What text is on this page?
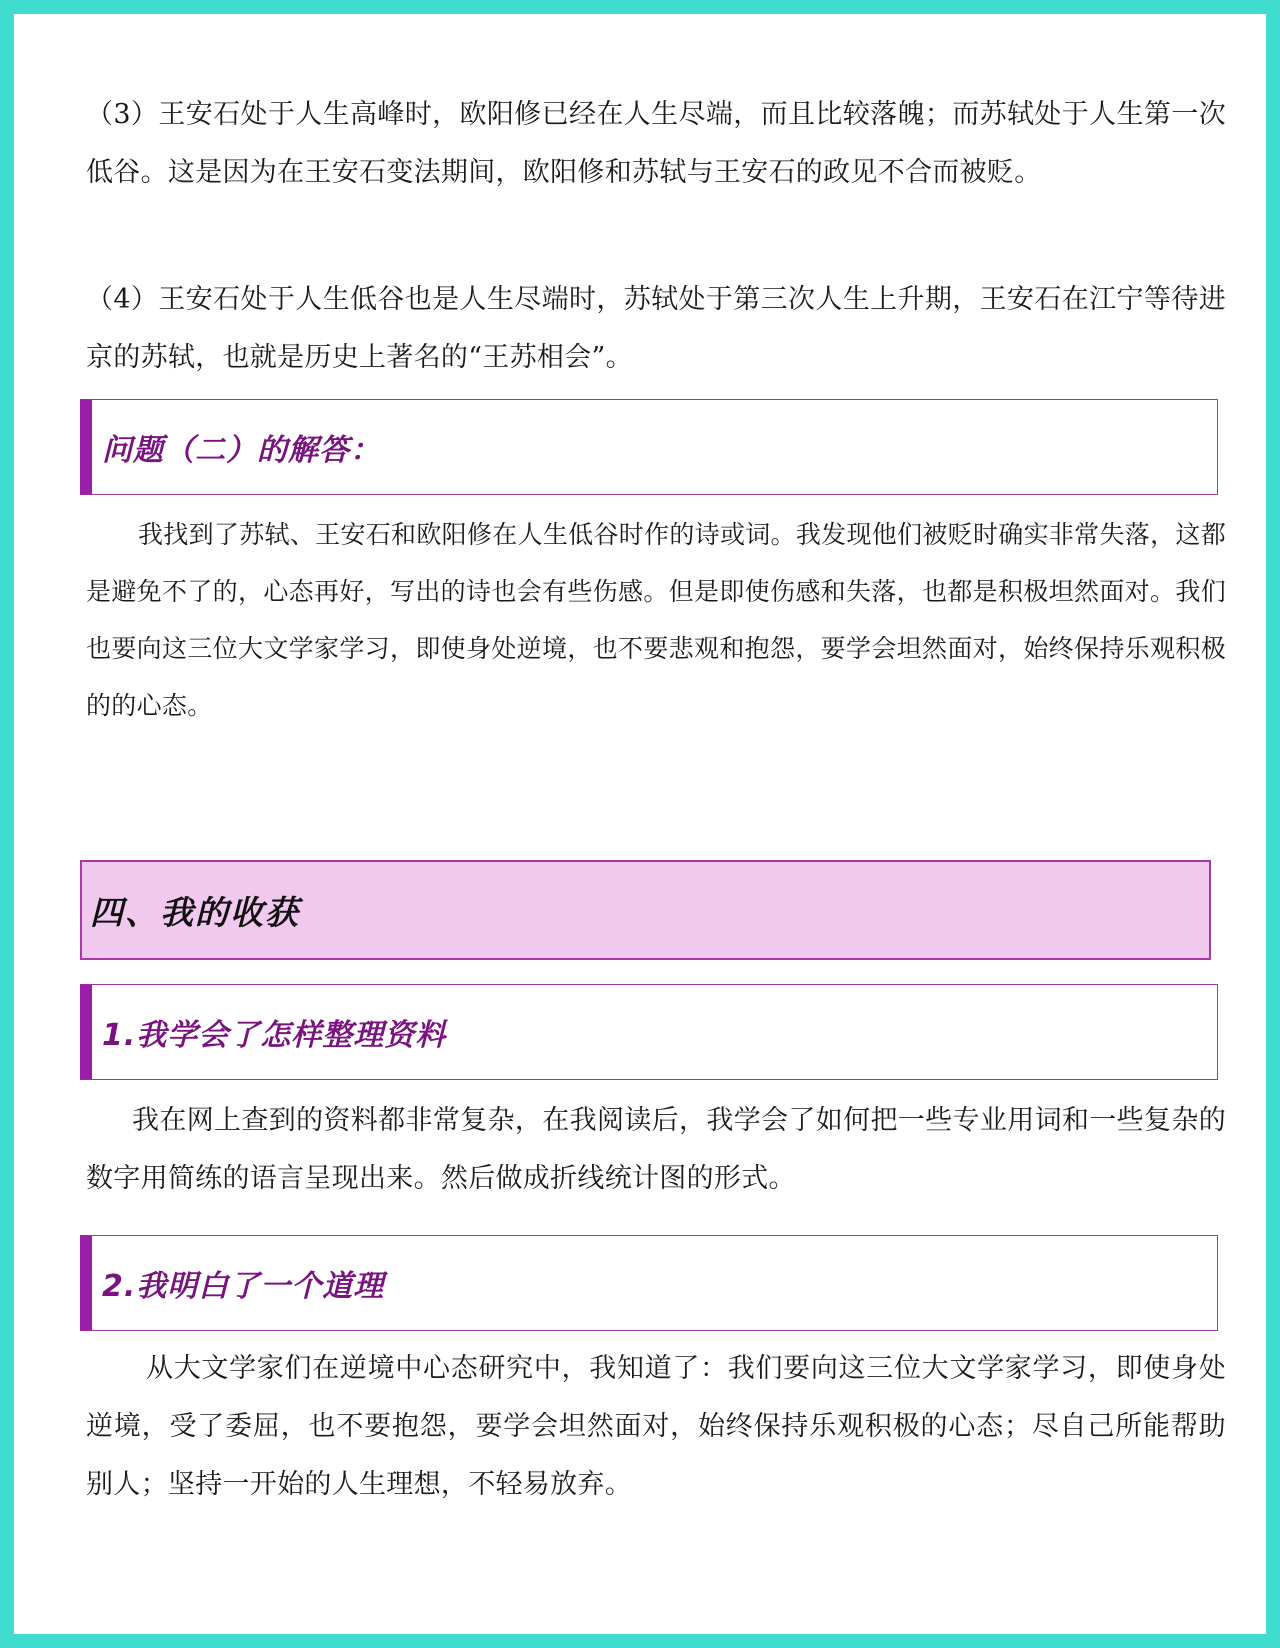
（3）王安石处于人生高峰时，欧阳修已经在人生尽端，而且比较落魄；而苏轼处于人生第一次低谷。这是因为在王安石变法期间，欧阳修和苏轼与王安石的政见不合而被贬。

（4）王安石处于人生低谷也是人生尽端时，苏轼处于第三次人生上升期，王安石在江宁等待进京的苏轼，也就是历史上著名的“王苏相会”。

问题（二）的解答：

我找到了苏轼、王安石和欧阳修在人生低谷时作的诗或词。我发现他们被贬时确实非常失落，这都是避免不了的，心态再好，写出的诗也会有些伤感。但是即使伤感和失落，也都是积极坦然面对。我们也要向这三位大文学家学习，即使身处逆境，也不要悲观和抱怨，要学会坦然面对，始终保持乐观积极的的心态。

四、我的收获
1.我学会了怎样整理资料

我在网上查到的资料都非常复杂，在我阅读后，我学会了如何把一些专业用词和一些复杂的数字用简练的语言呈现出来。然后做成折线统计图的形式。

2.我明白了一个道理

从大文学家们在逆境中心态研究中，我知道了：我们要向这三位大文学家学习，即使身处逆境，受了委屈，也不要抱怨，要学会坦然面对，始终保持乐观积极的心态；尽自己所能帮助别人；坚持一开始的人生理想，不轻易放弃。
